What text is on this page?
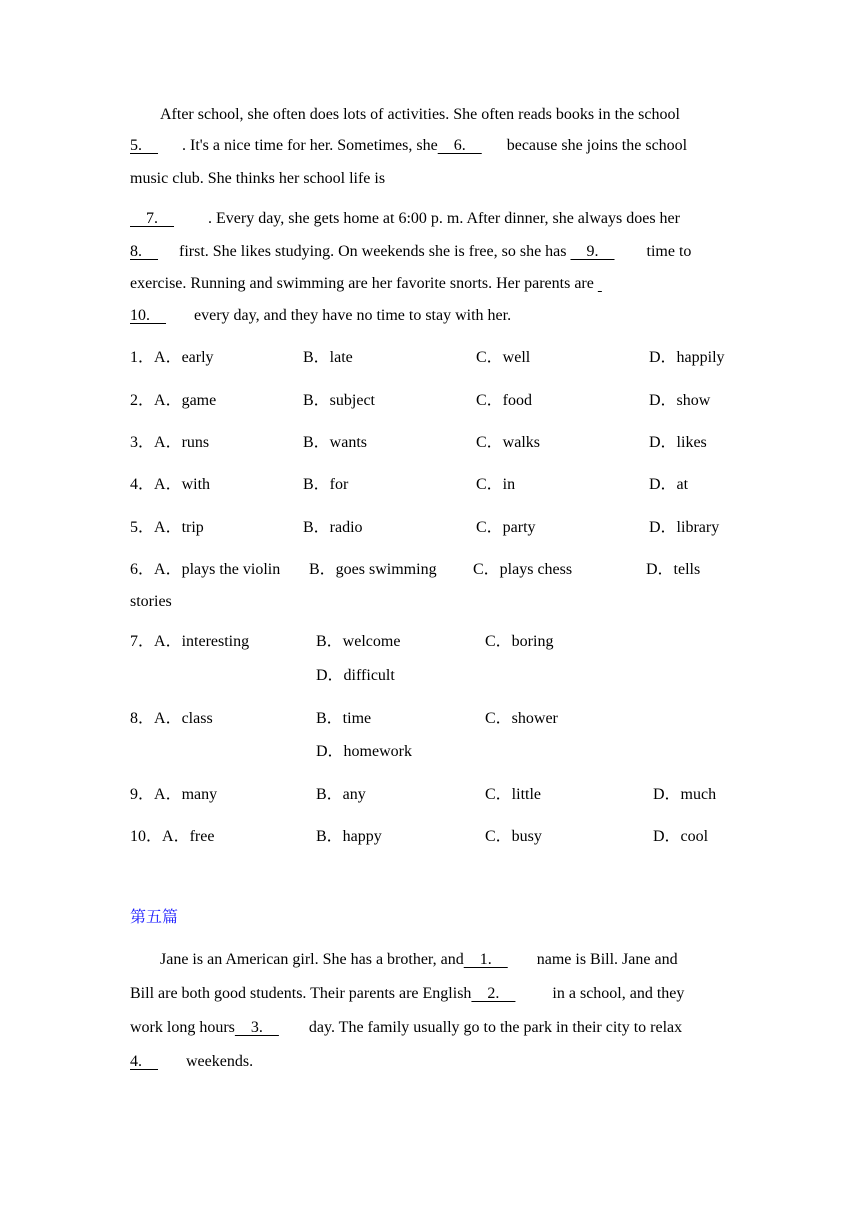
After school, she often does lots of activities. She often reads books in the school
5.　. It's a nice time for her. Sometimes, she　6.　because she joins the school
music club. She thinks her school life is
　7.　. Every day, she gets home at 6:00 p. m. After dinner, she always does her
8.　first. She likes studying. On weekends she is free, so she has 　9.　time to
exercise. Running and swimming are her favorite snorts. Her parents are
10.　 every day, and they have no time to stay with her.
1．A．early	B．late	C．well	D．happily
2．A．game	B．subject	C．food	D．show
3．A．runs	B．wants	C．walks	D．likes
4．A．with	B．for	C．in	D．at
5．A．trip	B．radio	C．party	D．library
6．A．plays the violin B．goes swimming C．plays chess	D．tells
stories
7．A．interesting	B．welcome	C．boring
D．difficult
8．A．class	B．time	C．shower
D．homework
9．A．many	B．any	C．little	D．much
10．A．free	B．happy	C．busy	D．cool
第五篇
Jane is an American girl. She has a brother, and　1.　 name is Bill. Jane and
Bill are both good students. Their parents are English　2.　 in a school, and they
work long hours　3.　 day. The family usually go to the park in their city to relax
4.　 weekends.
